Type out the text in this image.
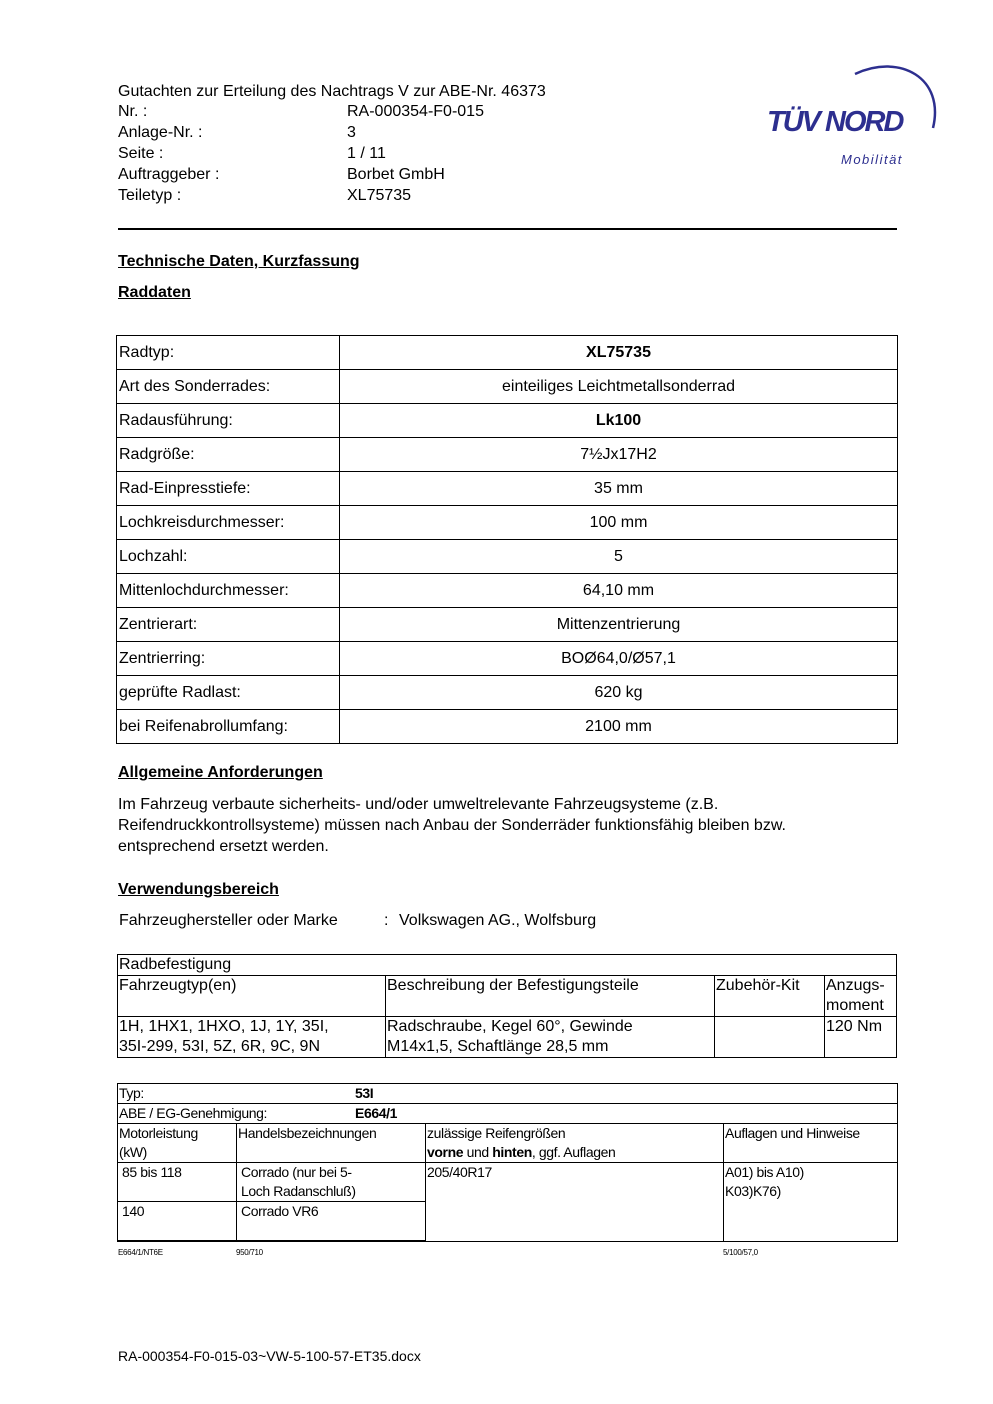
Gutachten zur Erteilung des Nachtrags V zur ABE-Nr. 46373
Nr. :	RA-000354-F0-015
Anlage-Nr. :	3
Seite :	1 / 11
Auftraggeber :	Borbet GmbH
Teiletyp :	XL75735
TÜV NORD
Mobilität
Technische Daten, Kurzfassung
Raddaten
Radtyp:	XL75735
Art des Sonderrades:	einteiliges Leichtmetallsonderrad
Radausführung:	Lk100
Radgröße:	7½Jx17H2
Rad-Einpresstiefe:	35 mm
Lochkreisdurchmesser:	100 mm
Lochzahl:	5
Mittenlochdurchmesser:	64,10 mm
Zentrierart:	Mittenzentrierung
Zentrierring:	BOØ64,0/Ø57,1
geprüfte Radlast:	620 kg
bei Reifenabrollumfang:	2100 mm
Allgemeine Anforderungen
Im Fahrzeug verbaute sicherheits- und/oder umweltrelevante Fahrzeugsysteme (z.B.
Reifendruckkontrollsysteme) müssen nach Anbau der Sonderräder funktionsfähig bleiben bzw.
entsprechend ersetzt werden.
Verwendungsbereich
Fahrzeughersteller oder Marke	: Volkswagen AG., Wolfsburg
Radbefestigung			
Fahrzeugtyp(en)	Beschreibung der Befestigungsteile	Zubehör-Kit	Anzugs-
moment
1H, 1HX1, 1HXO, 1J, 1Y, 35I,
35I-299, 53I, 5Z, 6R, 9C, 9N	Radschraube, Kegel 60°, Gewinde
M14x1,5, Schaftlänge 28,5 mm		120 Nm
Typ: 53I			

ABE / EG-Genehmigung: E664/1			

Motorleistung
(kW)	Handelsbezeichnungen	zulässige Reifengrößen
vorne und hinten, ggf. Auflagen	Auflagen und Hinweise
85 bis 118	Corrado (nur bei 5-
Loch Radanschluß)	205/40R17	A01) bis A10)
K03)K76)
140	Corrado VR6		
E664/1/NT6E	950/710	5/100/57,0
RA-000354-F0-015-03~VW-5-100-57-ET35.docx
